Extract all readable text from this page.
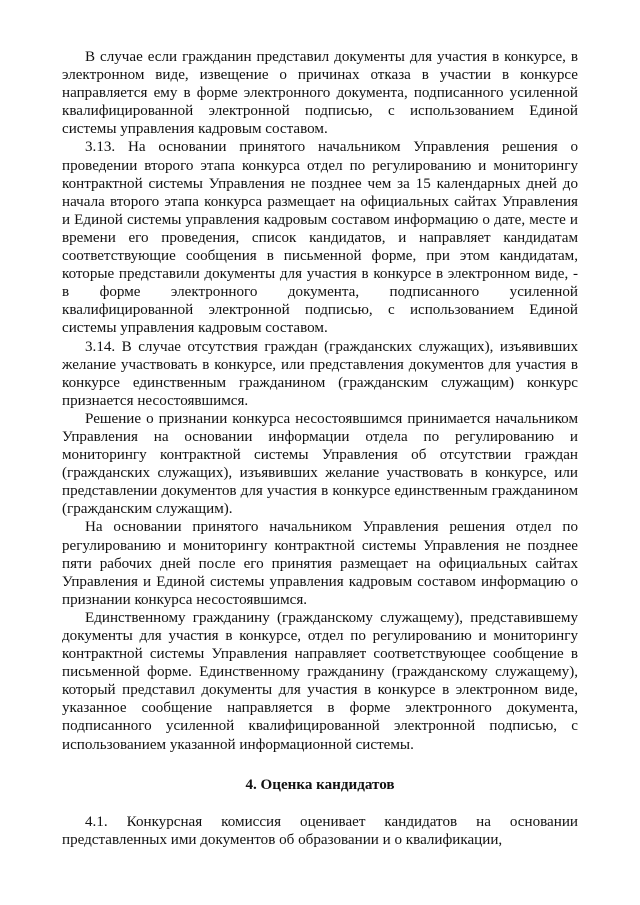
В случае если гражданин представил документы для участия в конкурсе, в электронном виде, извещение о причинах отказа в участии в конкурсе направляется ему в форме электронного документа, подписанного усиленной квалифицированной электронной подписью, с использованием Единой системы управления кадровым составом.

3.13. На основании принятого начальником Управления решения о проведении второго этапа конкурса отдел по регулированию и мониторингу контрактной системы Управления не позднее чем за 15 календарных дней до начала второго этапа конкурса размещает на официальных сайтах Управления и Единой системы управления кадровым составом информацию о дате, месте и времени его проведения, список кандидатов, и направляет кандидатам соответствующие сообщения в письменной форме, при этом кандидатам, которые представили документы для участия в конкурсе в электронном виде, - в форме электронного документа, подписанного усиленной квалифицированной электронной подписью, с использованием Единой системы управления кадровым составом.

3.14. В случае отсутствия граждан (гражданских служащих), изъявивших желание участвовать в конкурсе, или представления документов для участия в конкурсе единственным гражданином (гражданским служащим) конкурс признается несостоявшимся.

Решение о признании конкурса несостоявшимся принимается начальником Управления на основании информации отдела по регулированию и мониторингу контрактной системы Управления об отсутствии граждан (гражданских служащих), изъявивших желание участвовать в конкурсе, или представлении документов для участия в конкурсе единственным гражданином (гражданским служащим).

На основании принятого начальником Управления решения отдел по регулированию и мониторингу контрактной системы Управления не позднее пяти рабочих дней после его принятия размещает на официальных сайтах Управления и Единой системы управления кадровым составом информацию о признании конкурса несостоявшимся.

Единственному гражданину (гражданскому служащему), представившему документы для участия в конкурсе, отдел по регулированию и мониторингу контрактной системы Управления направляет соответствующее сообщение в письменной форме. Единственному гражданину (гражданскому служащему), который представил документы для участия в конкурсе в электронном виде, указанное сообщение направляется в форме электронного документа, подписанного усиленной квалифицированной электронной подписью, с использованием указанной информационной системы.

4. Оценка кандидатов

4.1. Конкурсная комиссия оценивает кандидатов на основании представленных ими документов об образовании и о квалификации,
